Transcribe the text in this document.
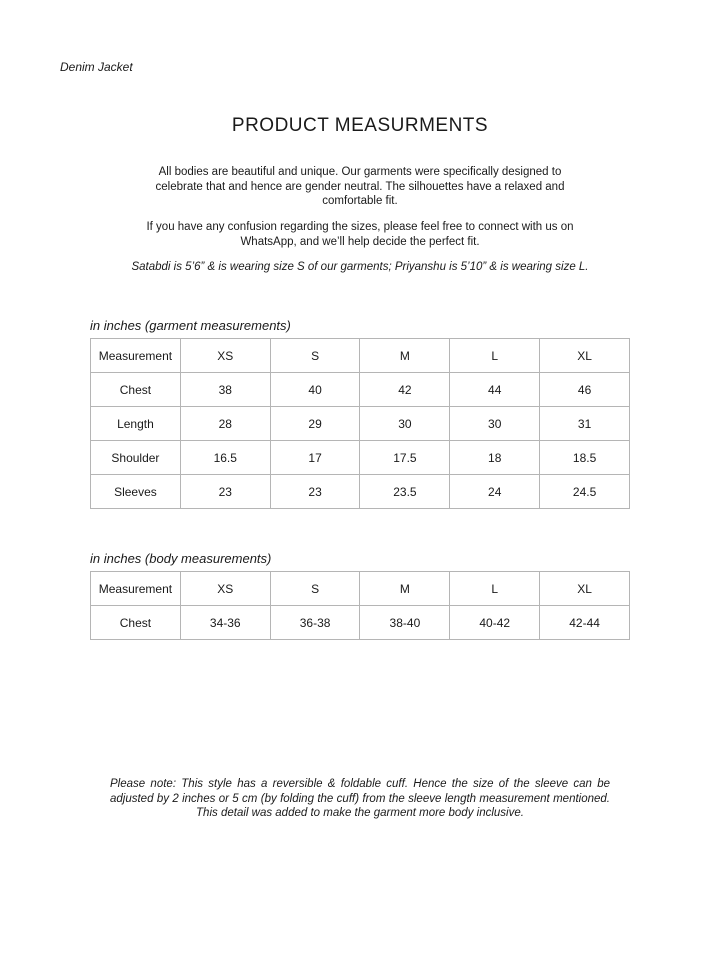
Denim Jacket
PRODUCT MEASURMENTS
All bodies are beautiful and unique. Our garments were specifically designed to celebrate that and hence are gender neutral. The silhouettes have a relaxed and comfortable fit.
If you have any confusion regarding the sizes, please feel free to connect with us on WhatsApp, and we’ll help decide the perfect fit.
Satabdi is 5’6” & is wearing size S of our garments; Priyanshu is 5’10” & is wearing size L.
in inches (garment measurements)
Measurement	XS	S	M	L	XL
Chest	38	40	42	44	46
Length	28	29	30	30	31
Shoulder	16.5	17	17.5	18	18.5
Sleeves	23	23	23.5	24	24.5
in inches (body measurements)
Measurement	XS	S	M	L	XL
Chest	34-36	36-38	38-40	40-42	42-44
Please note: This style has a reversible & foldable cuff. Hence the size of the sleeve can be adjusted by 2 inches or 5 cm (by folding the cuff) from the sleeve length measurement mentioned. This detail was added to make the garment more body inclusive.
